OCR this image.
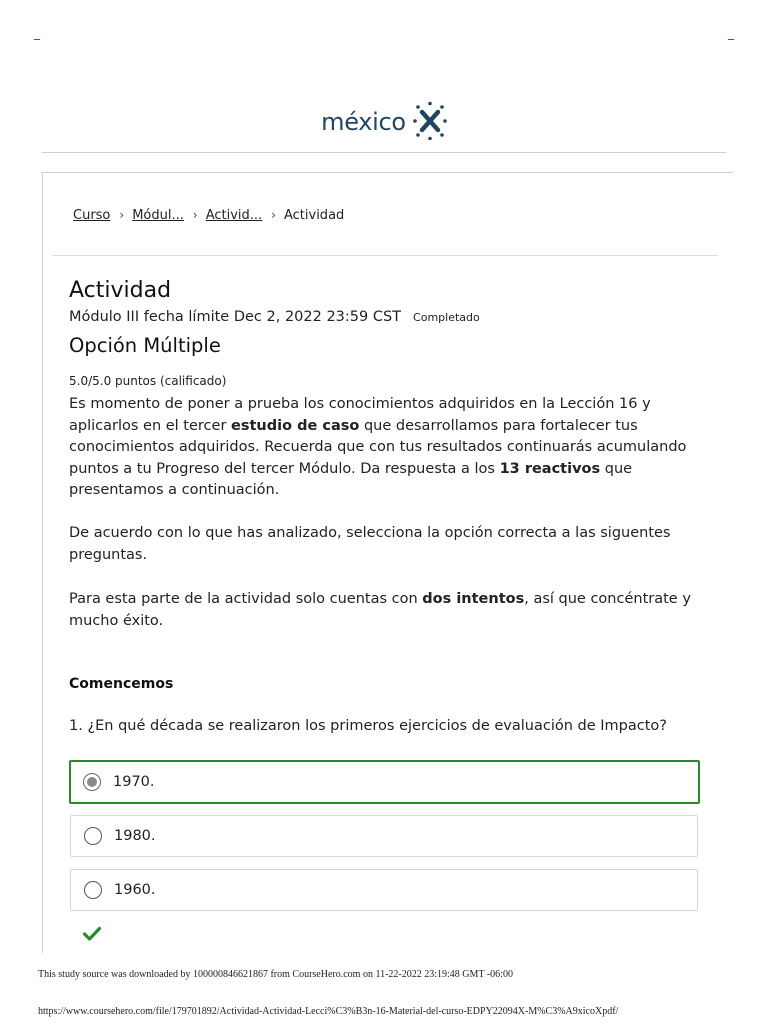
_	_
méxico
Curso › Módul... › Activid... › Actividad
Actividad
Módulo III fecha límite Dec 2, 2022 23:59 CST Completado
Opción Múltiple
5.0/5.0 puntos (calificado)
Es momento de poner a prueba los conocimientos adquiridos en la Lección 16 y aplicarlos en el tercer estudio de caso que desarrollamos para fortalecer tus conocimientos adquiridos. Recuerda que con tus resultados continuarás acumulando puntos a tu Progreso del tercer Módulo. Da respuesta a los 13 reactivos que presentamos a continuación.
De acuerdo con lo que has analizado, selecciona la opción correcta a las siguentes preguntas.
Para esta parte de la actividad solo cuentas con dos intentos, así que concéntrate y mucho éxito.
Comencemos
1. ¿En qué década se realizaron los primeros ejercicios de evaluación de Impacto?
1970.
1980.
1960.
This study source was downloaded by 100000846621867 from CourseHero.com on 11-22-2022 23:19:48 GMT -06:00
https://www.coursehero.com/file/179701892/Actividad-Actividad-Lecci%C3%B3n-16-Material-del-curso-EDPY22094X-M%C3%A9xicoXpdf/
